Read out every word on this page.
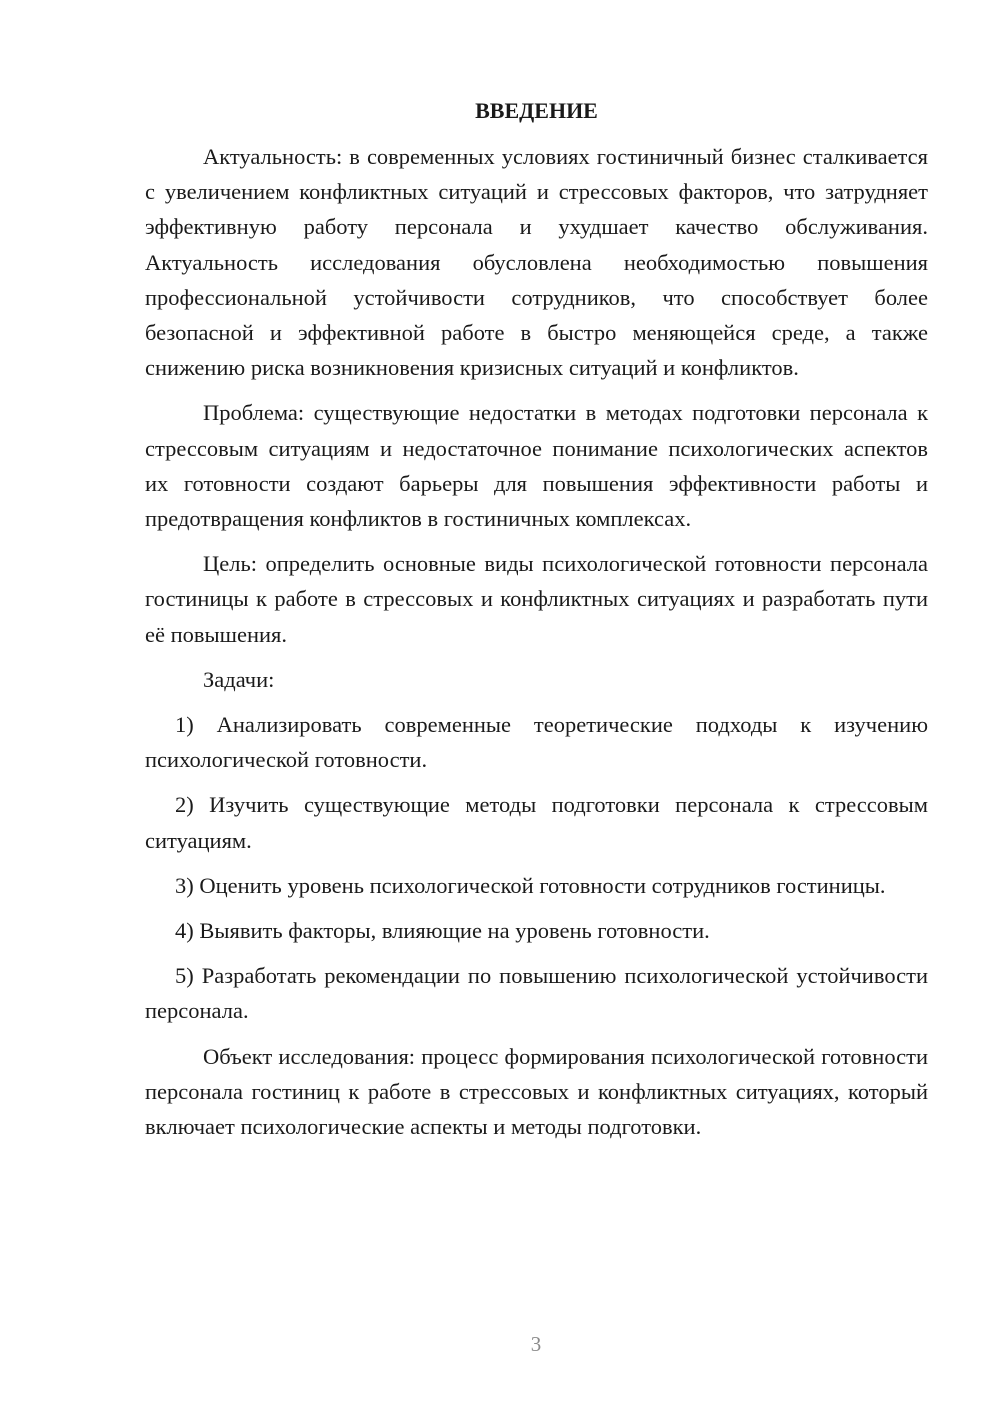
ВВЕДЕНИЕ

Актуальность: в современных условиях гостиничный бизнес сталкивается с увеличением конфликтных ситуаций и стрессовых факторов, что затрудняет эффективную работу персонала и ухудшает качество обслуживания. Актуальность исследования обусловлена необходимостью повышения профессиональной устойчивости сотрудников, что способствует более безопасной и эффективной работе в быстро меняющейся среде, а также снижению риска возникновения кризисных ситуаций и конфликтов.

Проблема: существующие недостатки в методах подготовки персонала к стрессовым ситуациям и недостаточное понимание психологических аспектов их готовности создают барьеры для повышения эффективности работы и предотвращения конфликтов в гостиничных комплексах.

Цель: определить основные виды психологической готовности персонала гостиницы к работе в стрессовых и конфликтных ситуациях и разработать пути её повышения.

Задачи:

1) Анализировать современные теоретические подходы к изучению психологической готовности.

2) Изучить существующие методы подготовки персонала к стрессовым ситуациям.

3) Оценить уровень психологической готовности сотрудников гостиницы.

4) Выявить факторы, влияющие на уровень готовности.

5) Разработать рекомендации по повышению психологической устойчивости персонала.

Объект исследования: процесс формирования психологической готовности персонала гостиниц к работе в стрессовых и конфликтных ситуациях, который включает психологические аспекты и методы подготовки.

3
